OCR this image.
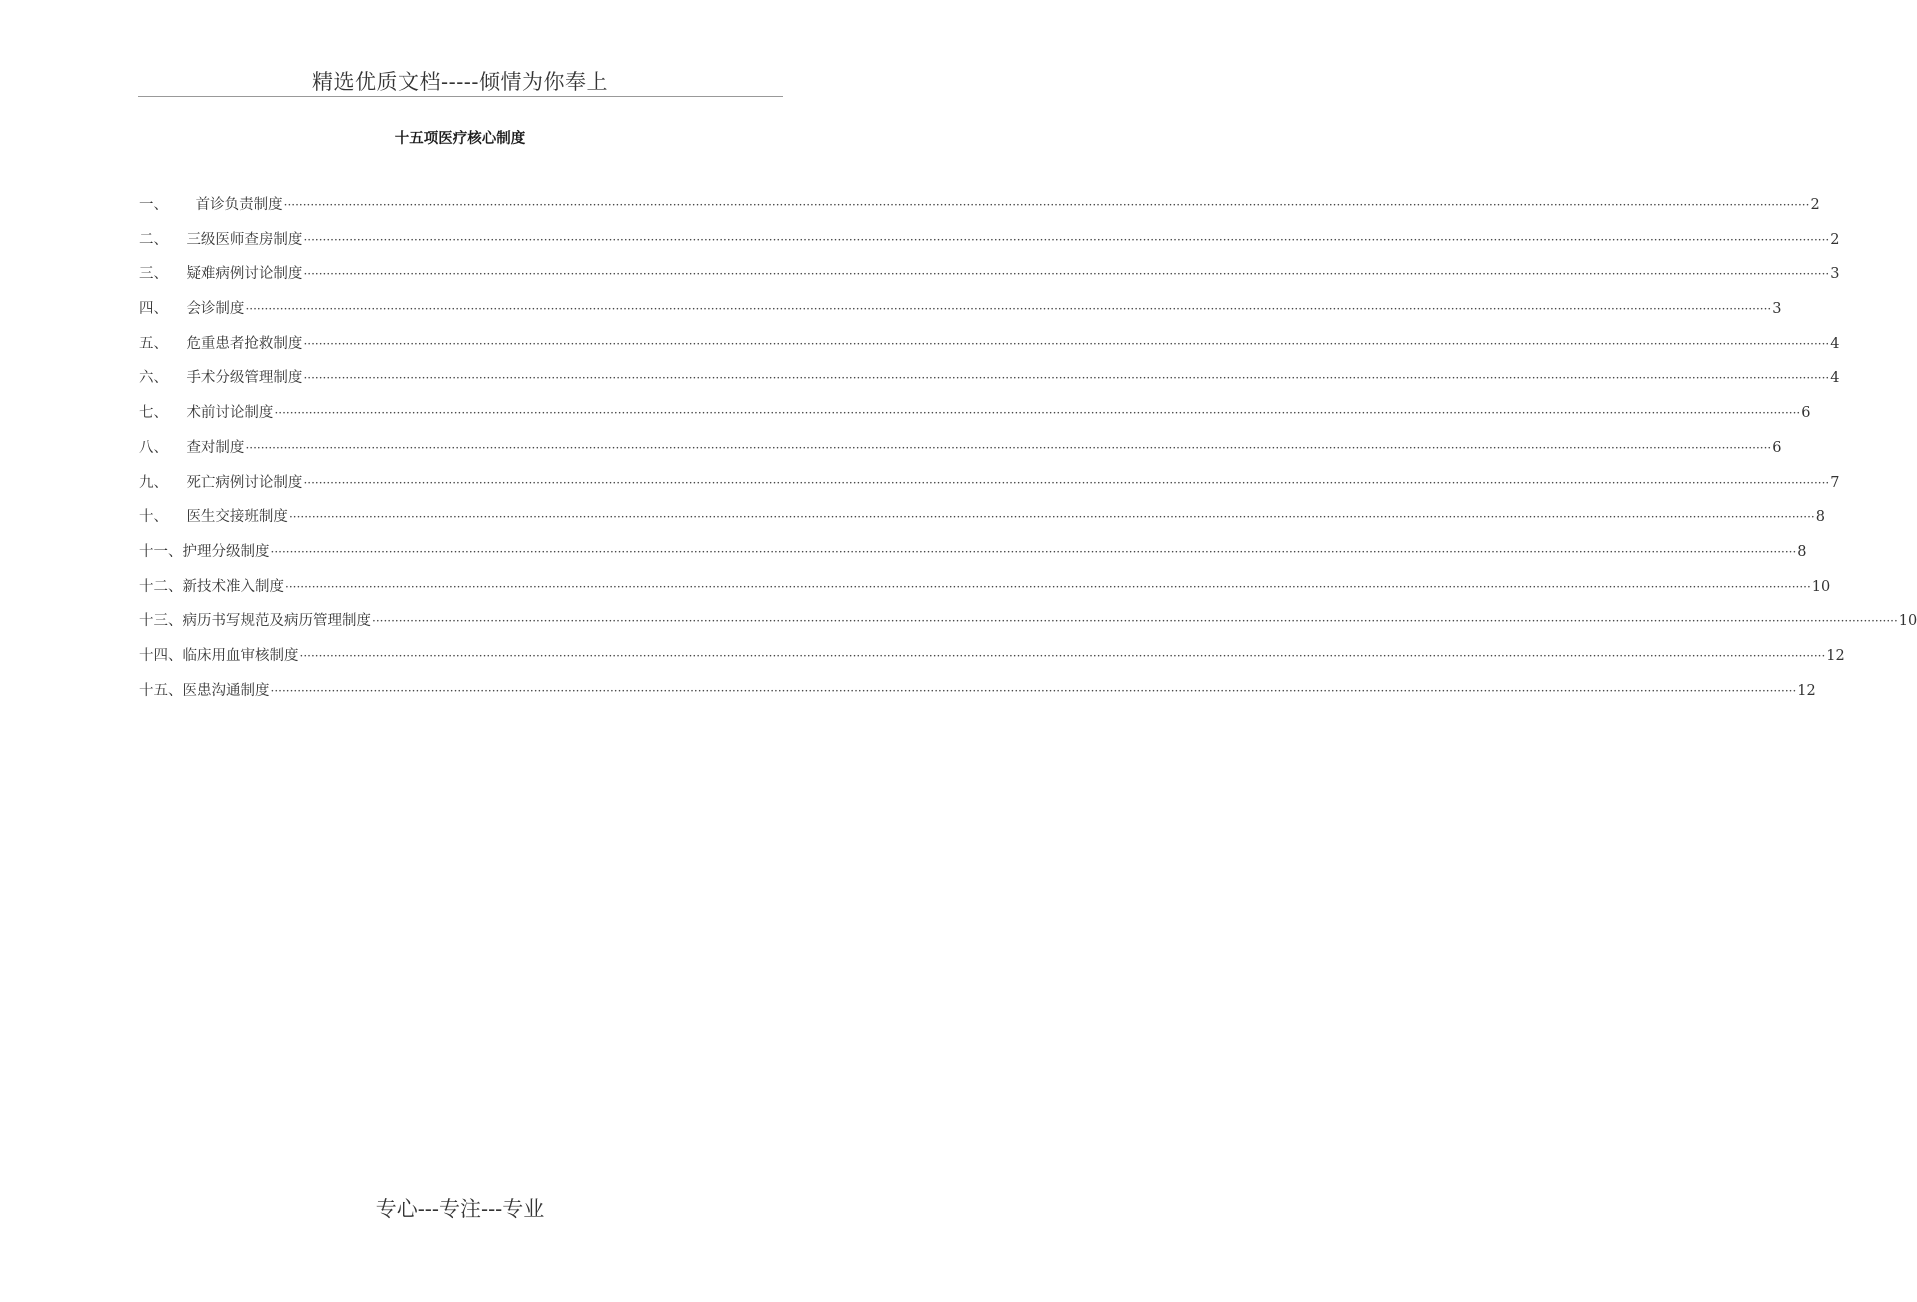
精选优质文档-----倾情为你奉上
十五项医疗核心制度
一、
首诊负责制度 ················································································································································································································································································································································································································ 2
二、
三级医师查房制度 ················································································································································································································································································································································································································ 2
三、
疑难病例讨论制度 ················································································································································································································································································································································································································ 3
四、
会诊制度 ················································································································································································································································································································································································································ 3
五、
危重患者抢救制度 ················································································································································································································································································································································································································ 4
六、
手术分级管理制度 ················································································································································································································································································································································································································ 4
七、
术前讨论制度 ················································································································································································································································································································································································································ 6
八、
查对制度 ················································································································································································································································································································································································································ 6
九、
死亡病例讨论制度 ················································································································································································································································································································································································································ 7
十、
医生交接班制度 ················································································································································································································································································································································································································ 8
十一、 护理分级制度 ················································································································································································································································································································································································································ 8
十二、 新技术准入制度 ················································································································································································································································································································································································································ 10
十三、 病历书写规范及病历管理制度 ················································································································································································································································································································································································································ 10
十四、 临床用血审核制度 ················································································································································································································································································································································································································ 12
十五、 医患沟通制度 ················································································································································································································································································································································································································ 12
专心---专注---专业
